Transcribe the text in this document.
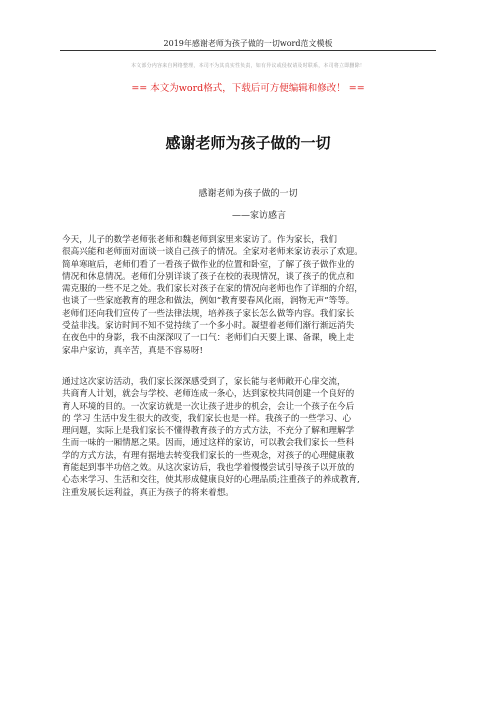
2019年感谢老师为孩子做的一切word范文模板
本文部分内容来自网络整理，本司不为其真实性负责，如有异议或侵权请及时联系，本司将立即删除！
== 本文为word格式，下载后可方便编辑和修改！ ==
感谢老师为孩子做的一切
感谢老师为孩子做的一切
——家访感言
今天，儿子的数学老师张老师和魏老师到家里来家访了。作为家长，我们
很高兴能和老师面对面谈一谈自己孩子的情况。全家对老师来家访表示了欢迎。
简单寒暄后，老师们看了一看孩子做作业的位置和卧室，了解了孩子做作业的
情况和休息情况。老师们分别详谈了孩子在校的表现情况，谈了孩子的优点和
需克服的一些不足之处。我们家长对孩子在家的情况向老师也作了详细的介绍，
也谈了一些家庭教育的理念和做法，例如“教育要春风化雨，润物无声”等等。
老师们还向我们宣传了一些法律法规，培养孩子家长怎么做等内容。我们家长
受益非浅。家访时间不知不觉持续了一个多小时。凝望着老师们渐行渐远消失
在夜色中的身影，我不由深深叹了一口气：老师们白天要上课、备课，晚上走
家串户家访，真辛苦，真是不容易呀!
通过这次家访活动，我们家长深深感受到了，家长能与老师敞开心扉交流，
共商育人计划，就会与学校、老师连成一条心，达到家校共同创建一个良好的
育人环境的目的。一次家访就是一次让孩子进步的机会，会让一个孩子在今后
的 学习 生活中发生很大的改变，我们家长也是一样。我孩子的一些学习、心
理问题，实际上是我们家长不懂得教育孩子的方式方法，不充分了解和理解学
生而一味的一厢情愿之果。因而，通过这样的家访，可以教会我们家长一些科
学的方式方法，有理有据地去转变我们家长的一些观念，对孩子的心理健康教
育能起到事半功倍之效。从这次家访后，我也学着慢慢尝试引导孩子以开放的
心态来学习、生活和交往，使其形成健康良好的心理品质;注重孩子的养成教育,
注重发展长远利益，真正为孩子的将来着想。
